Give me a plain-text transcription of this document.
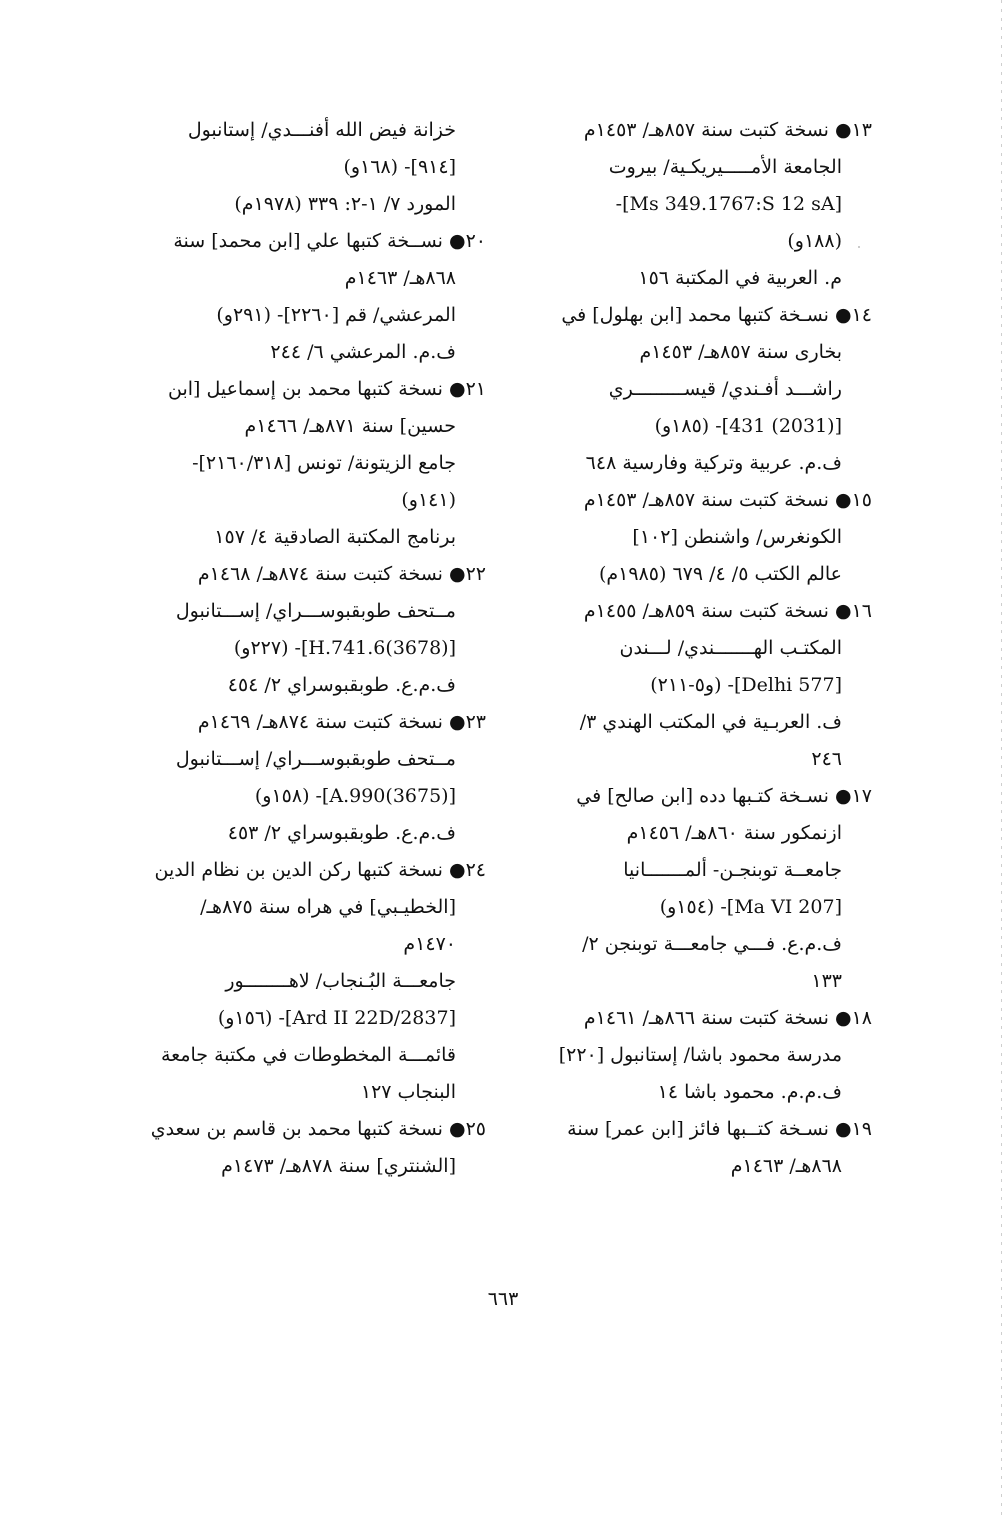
١٣● نسخة كتبت سنة ٨٥٧هـ/ ١٤٥٣م
الجامعة الأمـــــيريكـية/ بيروت
[Ms 349.1767:S 12 sA]-
(١٨٨و)
م. العربية في المكتبة ١٥٦
١٤● نسـخة كتبها محمد [ابن بهلول] في
بخارى سنة ٨٥٧هـ/ ١٤٥٣م
راشـــد أفـندي/ قيســـــــــري
[(2031) 431]- (١٨٥و)
ف.م. عربية وتركية وفارسية ٦٤٨
١٥● نسخة كتبت سنة ٨٥٧هـ/ ١٤٥٣م
الكونغرس/ واشنطن [١٠٢]
عالم الكتب ٥/ ٤/ ٦٧٩ (١٩٨٥م)
١٦● نسخة كتبت سنة ٨٥٩هـ/ ١٤٥٥م
المكتـب الهـــــــندي/ لـــندن
[Delhi 577]- (و٥-٢١١)
ف. العربـية في المكتب الهندي ٣/
٢٤٦
١٧● نسـخة كتـبها دده [ابن صالح] في
ازنمكور سنة ٨٦٠هـ/ ١٤٥٦م
جامعــة توبنجـن- ألمـــــــانيا
[Ma VI 207]- (١٥٤و)
ف.م.ع. فـــي جامعـــة توبنجن ٢/
١٣٣
١٨● نسخة كتبت سنة ٨٦٦هـ/ ١٤٦١م
مدرسة محمود باشا/ إستانبول [٢٢٠]
ف.م.م. محمود باشا ١٤
١٩● نسـخة كتــبها فائز [ابن عمر] سنة
٨٦٨هـ/ ١٤٦٣م
خزانة فيض الله أفنـــدي/ إستانبول
[٩١٤]- (١٦٨و)
المورد ٧/ ١-٢: ٣٣٩ (١٩٧٨م)
٢٠● نســخة كتبها علي [ابن محمد] سنة
٨٦٨هـ/ ١٤٦٣م
المرعشي/ قم [٢٢٦٠]- (٢٩١و)
ف.م. المرعشي ٦/ ٢٤٤
٢١● نسخة كتبها محمد بن إسماعيل [ابن
حسين] سنة ٨٧١هـ/ ١٤٦٦م
جامع الزيتونة/ تونس [٢١٦٠/٣١٨]-
(١٤١و)
برنامج المكتبة الصادقية ٤/ ١٥٧
٢٢● نسخة كتبت سنة ٨٧٤هـ/ ١٤٦٨م
مــتحف طوبقبوســـراي/ إســـتانبول
[(3678)6.H.741]- (٢٢٧و)
ف.م.ع. طوبقبوسراي ٢/ ٤٥٤
٢٣● نسخة كتبت سنة ٨٧٤هـ/ ١٤٦٩م
مــتحف طوبقبوســـراي/ إســـتانبول
[(3675)A.990]- (١٥٨و)
ف.م.ع. طوبقبوسراي ٢/ ٤٥٣
٢٤● نسخة كتبها ركن الدين بن نظام الدين
[الخطيـبي] في هراه سنة ٨٧٥هـ/
١٤٧٠م
جامعـــة البُـنجاب/ لاهــــــــور
[Ard II 22D/2837]- (١٥٦و)
قائمـــة المخطوطات في مكتبة جامعة
البنجاب ١٢٧
٢٥● نسخة كتبها محمد بن قاسم بن سعدي
[الشنتري] سنة ٨٧٨هـ/ ١٤٧٣م
٦٦٣
